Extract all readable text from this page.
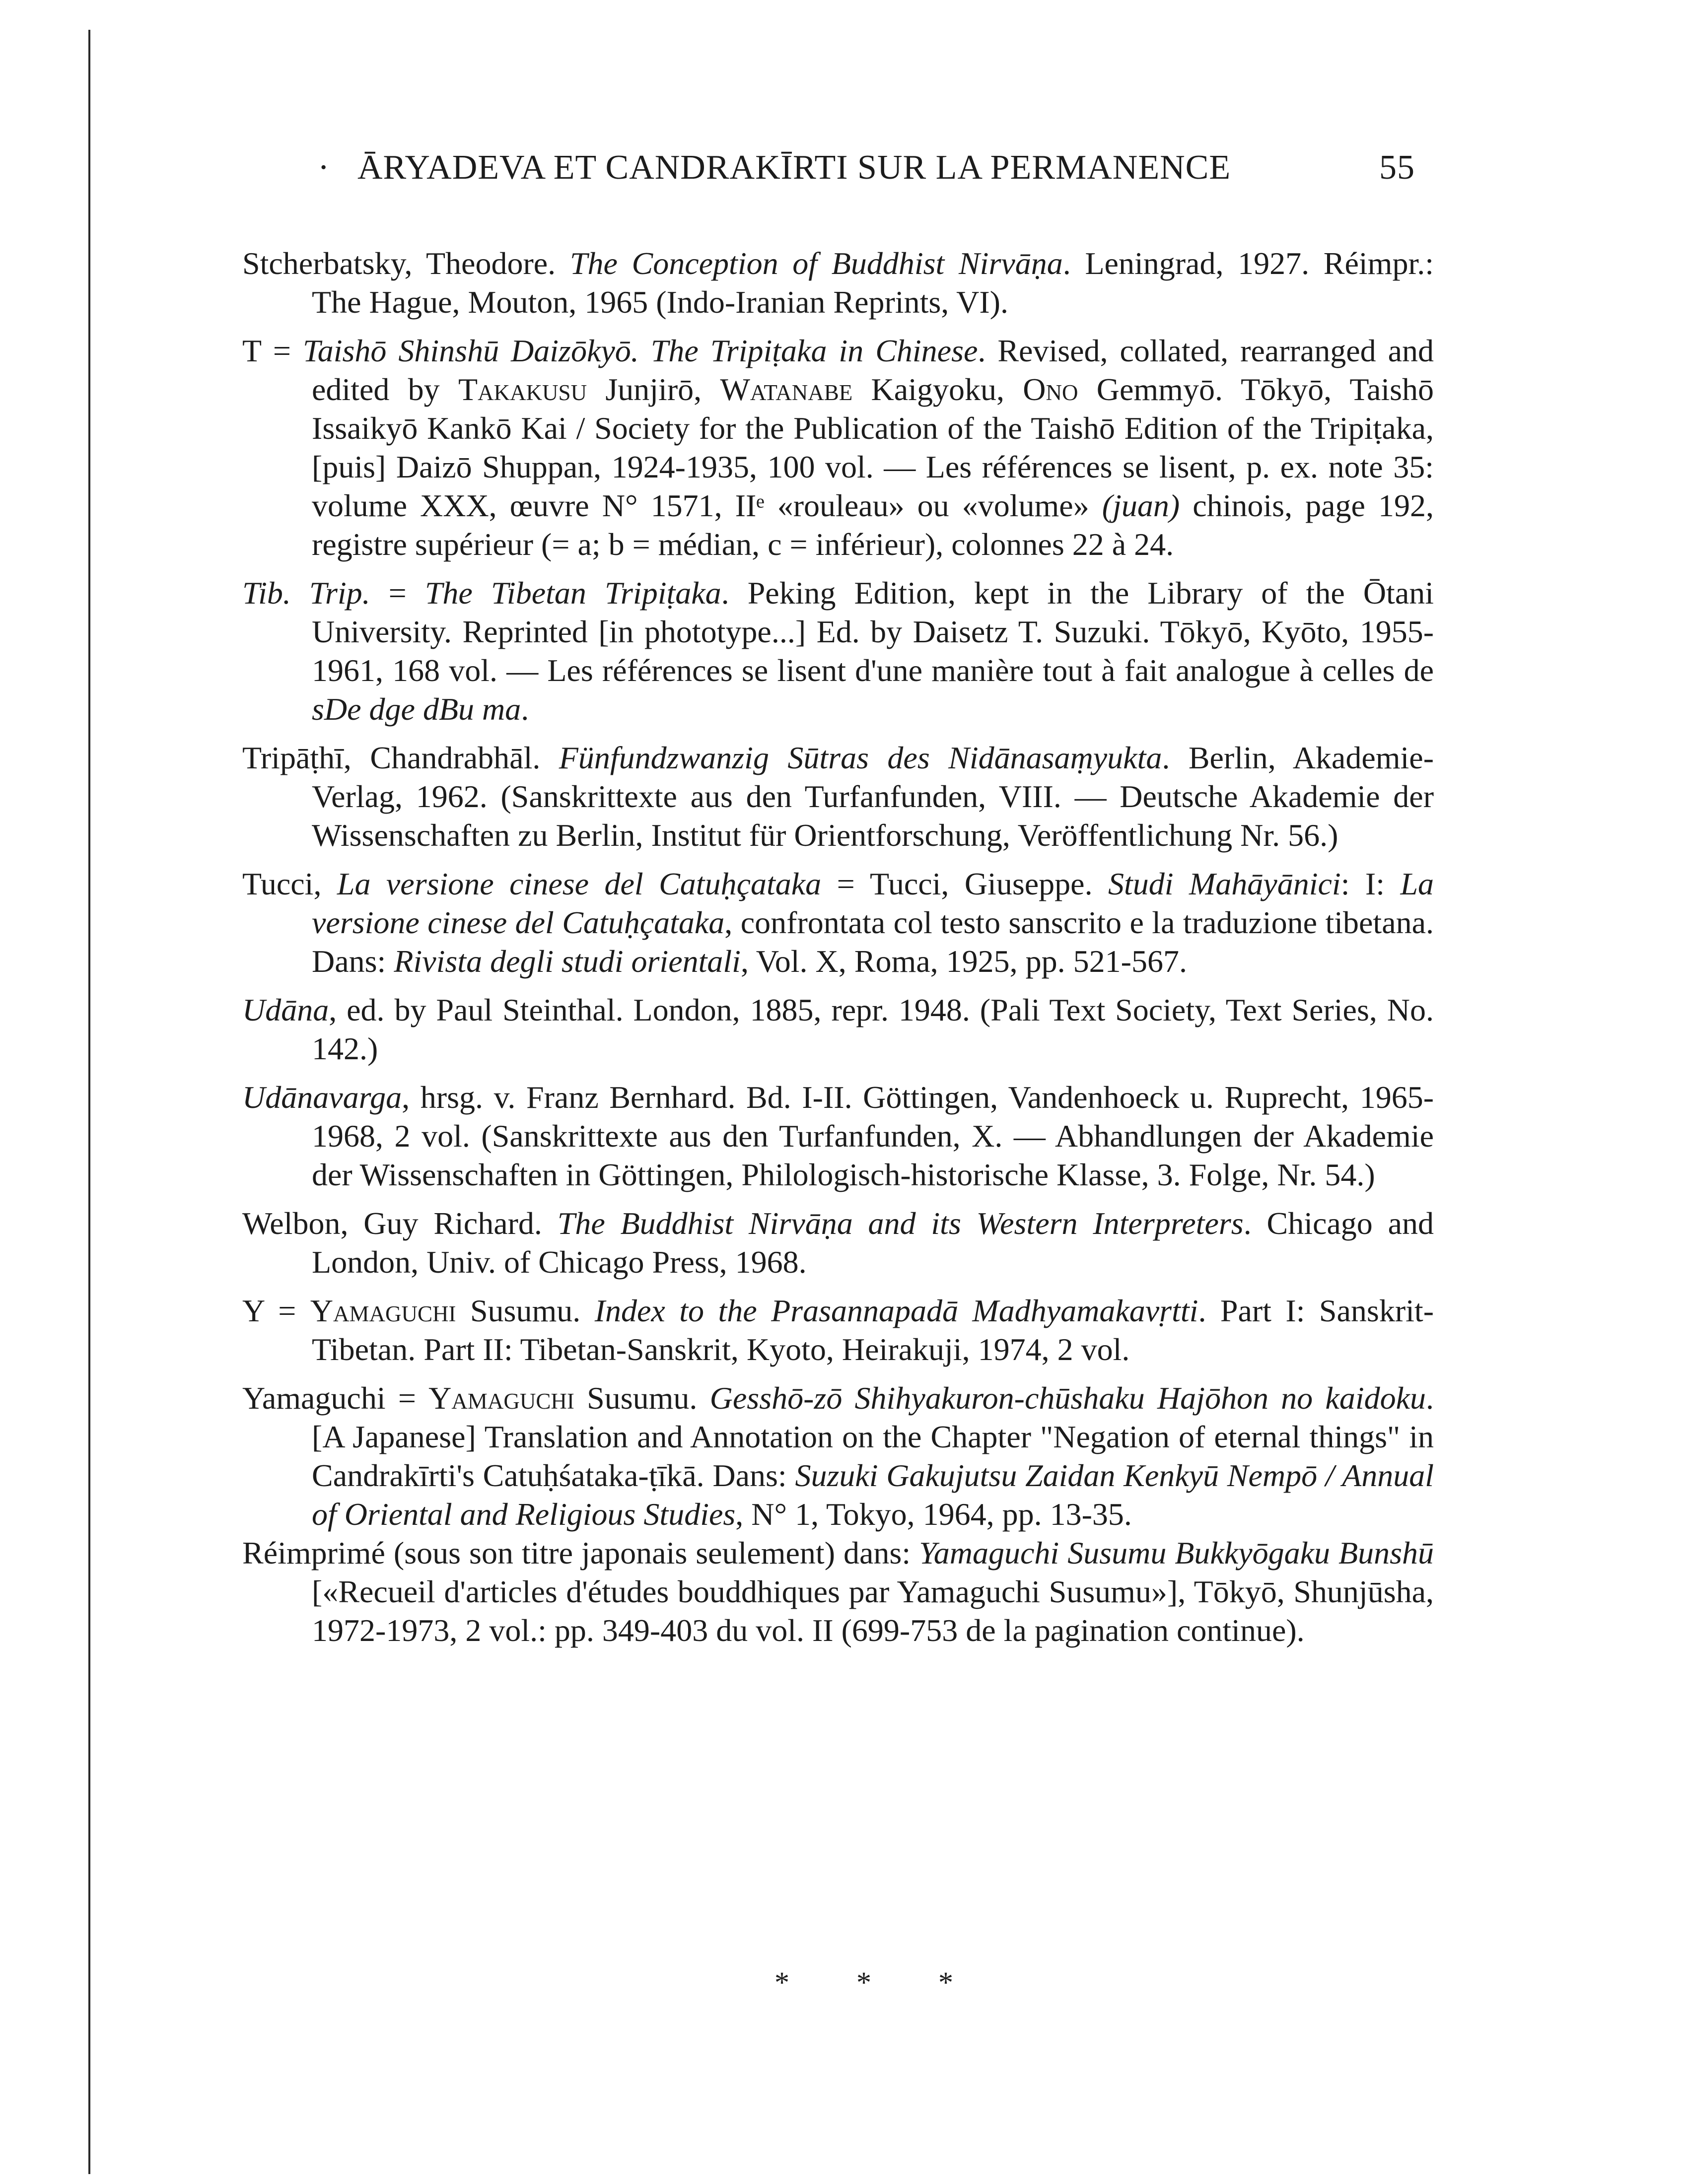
· ĀRYADEVA ET CANDRAKĪRTI SUR LA PERMANENCE	55
Stcherbatsky, Theodore. The Conception of Buddhist Nirvāṇa. Leningrad, 1927. Réimpr.: The Hague, Mouton, 1965 (Indo-Iranian Reprints, VI).
T = Taishō Shinshū Daizōkyō. The Tripiṭaka in Chinese. Revised, collated, rearranged and edited by Takakusu Junjirō, Watanabe Kaigyoku, Ono Gemmyō. Tōkyō, Taishō Issaikyō Kankō Kai / Society for the Publication of the Taishō Edition of the Tripiṭaka, [puis] Daizō Shuppan, 1924-1935, 100 vol. — Les références se lisent, p. ex. note 35: volume XXX, œuvre N° 1571, IIᵉ «rouleau» ou «volume» (juan) chinois, page 192, registre supérieur (= a; b = médian, c = inférieur), colonnes 22 à 24.
Tib. Trip. = The Tibetan Tripiṭaka. Peking Edition, kept in the Library of the Ōtani University. Reprinted [in phototype...] Ed. by Daisetz T. Suzuki. Tōkyō, Kyōto, 1955-1961, 168 vol. — Les références se lisent d'une manière tout à fait analogue à celles de sDe dge dBu ma.
Tripāṭhī, Chandrabhāl. Fünfundzwanzig Sūtras des Nidānasaṃyukta. Berlin, Akademie-Verlag, 1962. (Sanskrittexte aus den Turfanfunden, VIII. — Deutsche Akademie der Wissenschaften zu Berlin, Institut für Orientforschung, Veröffentlichung Nr. 56.)
Tucci, La versione cinese del Catuḥçataka = Tucci, Giuseppe. Studi Mahāyānici: I: La versione cinese del Catuḥçataka, confrontata col testo sanscrito e la traduzione tibetana. Dans: Rivista degli studi orientali, Vol. X, Roma, 1925, pp. 521-567.
Udāna, ed. by Paul Steinthal. London, 1885, repr. 1948. (Pali Text Society, Text Series, No. 142.)
Udānavarga, hrsg. v. Franz Bernhard. Bd. I-II. Göttingen, Vandenhoeck u. Ruprecht, 1965-1968, 2 vol. (Sanskrittexte aus den Turfanfunden, X. — Abhandlungen der Akademie der Wissenschaften in Göttingen, Philologisch-historische Klasse, 3. Folge, Nr. 54.)
Welbon, Guy Richard. The Buddhist Nirvāṇa and its Western Interpreters. Chicago and London, Univ. of Chicago Press, 1968.
Y = Yamaguchi Susumu. Index to the Prasannapadā Madhyamakavṛtti. Part I: Sanskrit-Tibetan. Part II: Tibetan-Sanskrit, Kyoto, Heirakuji, 1974, 2 vol.
Yamaguchi = Yamaguchi Susumu. Gesshō-zō Shihyakuron-chūshaku Hajōhon no kaidoku. [A Japanese] Translation and Annotation on the Chapter "Negation of eternal things" in Candrakīrti's Catuḥśataka-ṭīkā. Dans: Suzuki Gakujutsu Zaidan Kenkyū Nempō / Annual of Oriental and Religious Studies, N° 1, Tokyo, 1964, pp. 13-35.
Réimprimé (sous son titre japonais seulement) dans: Yamaguchi Susumu Bukkyōgaku Bunshū [«Recueil d'articles d'études bouddhiques par Yamaguchi Susumu»], Tōkyō, Shunjūsha, 1972-1973, 2 vol.: pp. 349-403 du vol. II (699-753 de la pagination continue).
* * *
